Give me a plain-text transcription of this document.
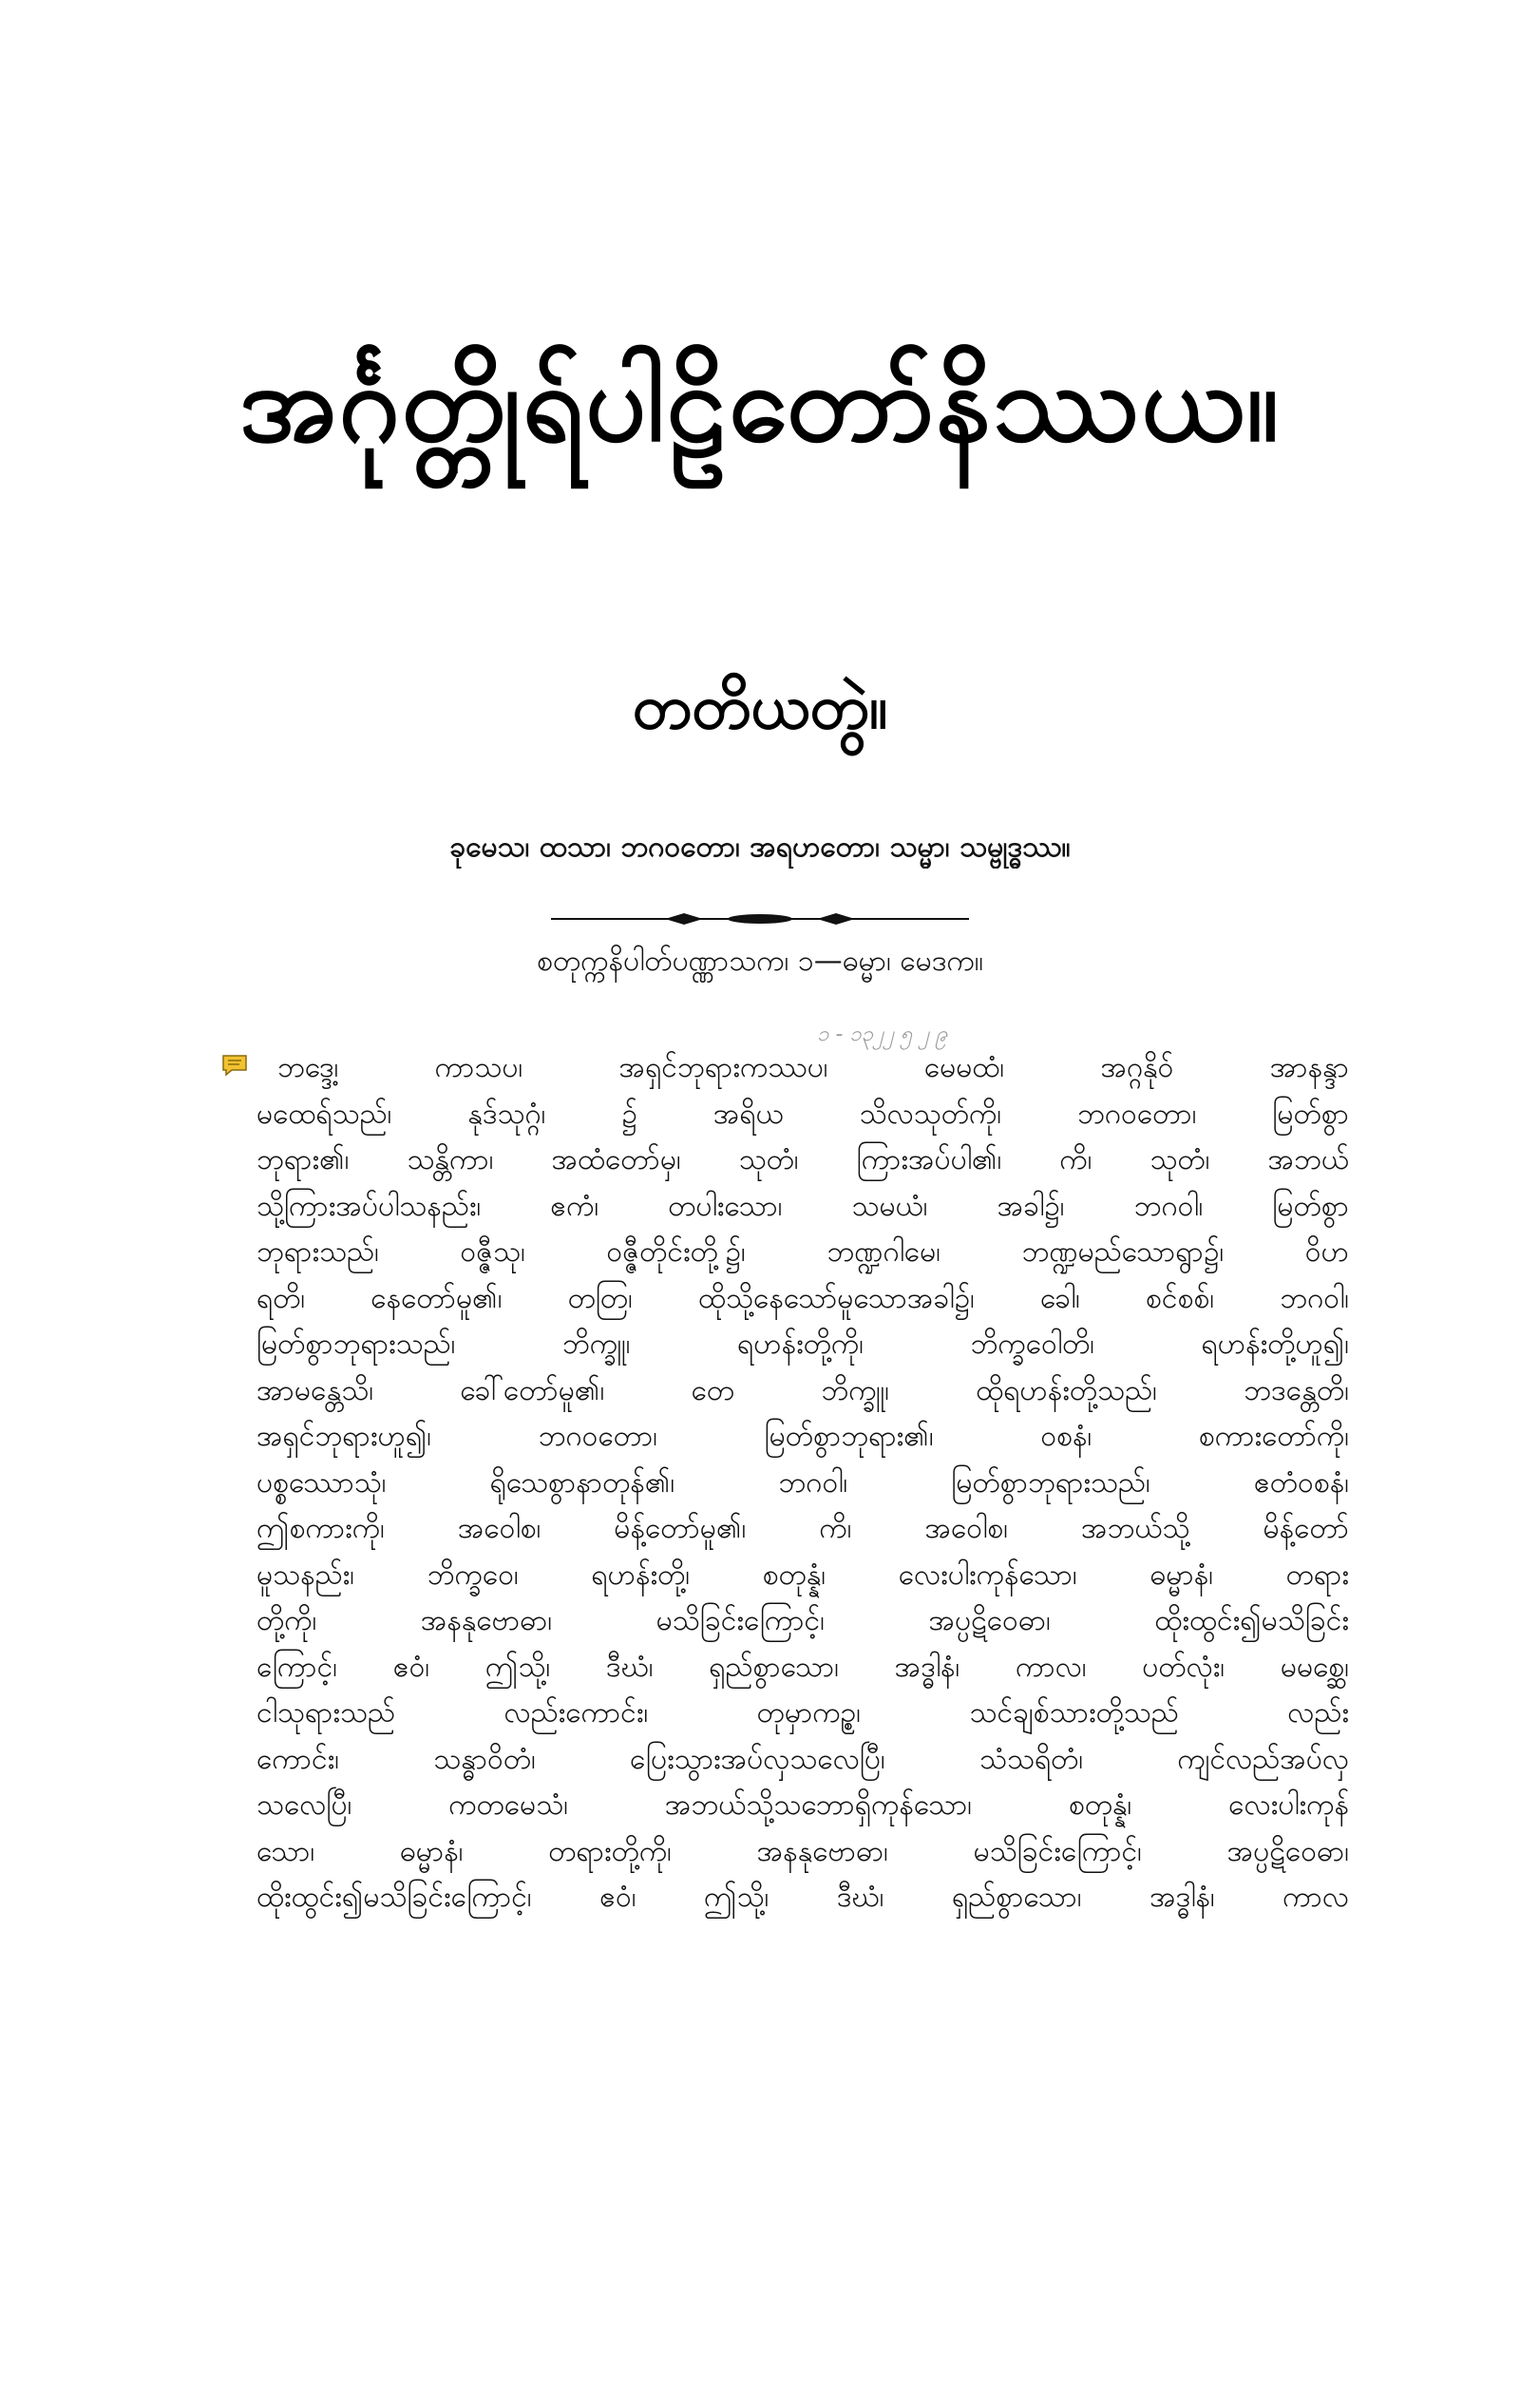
အင်္ဂုတ္တိုရ်ပါဠိတော်နိဿယ။
တတိယတွဲ။
ခုမေသ၊ ထသာ၊ ဘဂဝတော၊ အရဟတော၊ သမ္မာ၊ သမ္ဗုဒ္ဓဿ။
စတုက္ကနိပါတ်ပဏ္ဏာသက၊ ၁—ဓမ္မာ၊ မေဒက။
၁ - ၁၃၂၂ ၅ ၂ ၉
ဘဒ္ဒေ့၊ ကာသပ၊ အရှင်ဘုရားကဿပ၊ မေမထံ၊ အဂ္ဂနိုဝ် အာနန္ဒာ
မထေရ်သည်၊ နုဒ်သုဂ္ဂံ၊ ၌ အရိယ သိလသုတ်ကို၊ ဘဂဝတော၊ မြတ်စွာ
ဘုရား၏၊ သန္တိကာ၊ အထံတော်မှ၊ သုတံ၊ ကြားအပ်ပါ၏၊ ကိ၊ သုတံ၊ အဘယ်
သို့ကြားအပ်ပါသနည်း၊ ဧကံ၊ တပါးသော၊ သမယံ၊ အခါ၌၊ ဘဂဝါ၊ မြတ်စွာ
ဘုရားသည်၊ ဝဇ္ဇီသု၊ ဝဇ္ဇီတိုင်းတို့၌၊ ဘဏ္ဍဂါမေ၊ ဘဏ္ဍမည်သောရွာ၌၊ ဝိဟ
ရတိ၊ နေတော်မူ၏၊ တတြ၊ ထိုသို့နေသော်မူသောအခါ၌၊ ခေါ၊ စင်စစ်၊ ဘဂဝါ၊
မြတ်စွာဘုရားသည်၊ ဘိက္ခူ၊ ရဟန်းတို့ကို၊ ဘိက္ခဝေါတိ၊ ရဟန်းတို့ဟူ၍၊
အာမန္တေသိ၊ ခေါ်တော်မူ၏၊ တေ ဘိက္ခူ၊ ထိုရဟန်းတို့သည်၊ ဘဒန္တေတိ၊
အရှင်ဘုရားဟူ၍၊ ဘဂဝတော၊ မြတ်စွာဘုရား၏၊ ဝစနံ၊ စကားတော်ကို၊
ပစ္စဿောသုံ၊ ရိုသေစွာနာတုန်၏၊ ဘဂဝါ၊ မြတ်စွာဘုရားသည်၊ ဧတံဝစနံ၊
ဤစကားကို၊ အဝေါစ၊ မိန့်တော်မူ၏၊ ကိ၊ အဝေါစ၊ အဘယ်သို့ မိန့်တော်
မူသနည်း၊ ဘိက္ခဝေ၊ ရဟန်းတို့၊ စတုန္နံ၊ လေးပါးကုန်သော၊ ဓမ္မာနံ၊ တရား
တို့ကို၊ အနနုဗောဓာ၊ မသိခြင်းကြောင့်၊ အပ္ပဋိဝေဓာ၊ ထိုးထွင်း၍မသိခြင်း
ကြောင့်၊ ဧဝံ၊ ဤသို့၊ ဒီဃံ၊ ရှည်စွာသော၊ အဒ္ဓါနံ၊ ကာလ၊ ပတ်လုံး၊ မမစ္ဆေ၊
ငါသုရားသည် လည်းကောင်း၊ တုမှာကဉ္စ၊ သင်ချစ်သားတို့သည် လည်း
ကောင်း၊ သန္ဓာဝိတံ၊ ပြေးသွားအပ်လှသလေပြီ၊ သံသရိတံ၊ ကျင်လည်အပ်လှ
သလေပြီ၊ ကတမေသံ၊ အဘယ်သို့သဘောရှိကုန်သော၊ စတုန္နံ၊ လေးပါးကုန်
သော၊ ဓမ္မာနံ၊ တရားတို့ကို၊ အနနုဗောဓာ၊ မသိခြင်းကြောင့်၊ အပ္ပဋိဝေဓာ၊
ထိုးထွင်း၍မသိခြင်းကြောင့်၊ ဧဝံ၊ ဤသို့၊ ဒီဃံ၊ ရှည်စွာသော၊ အဒ္ဓါနံ၊ ကာလ
